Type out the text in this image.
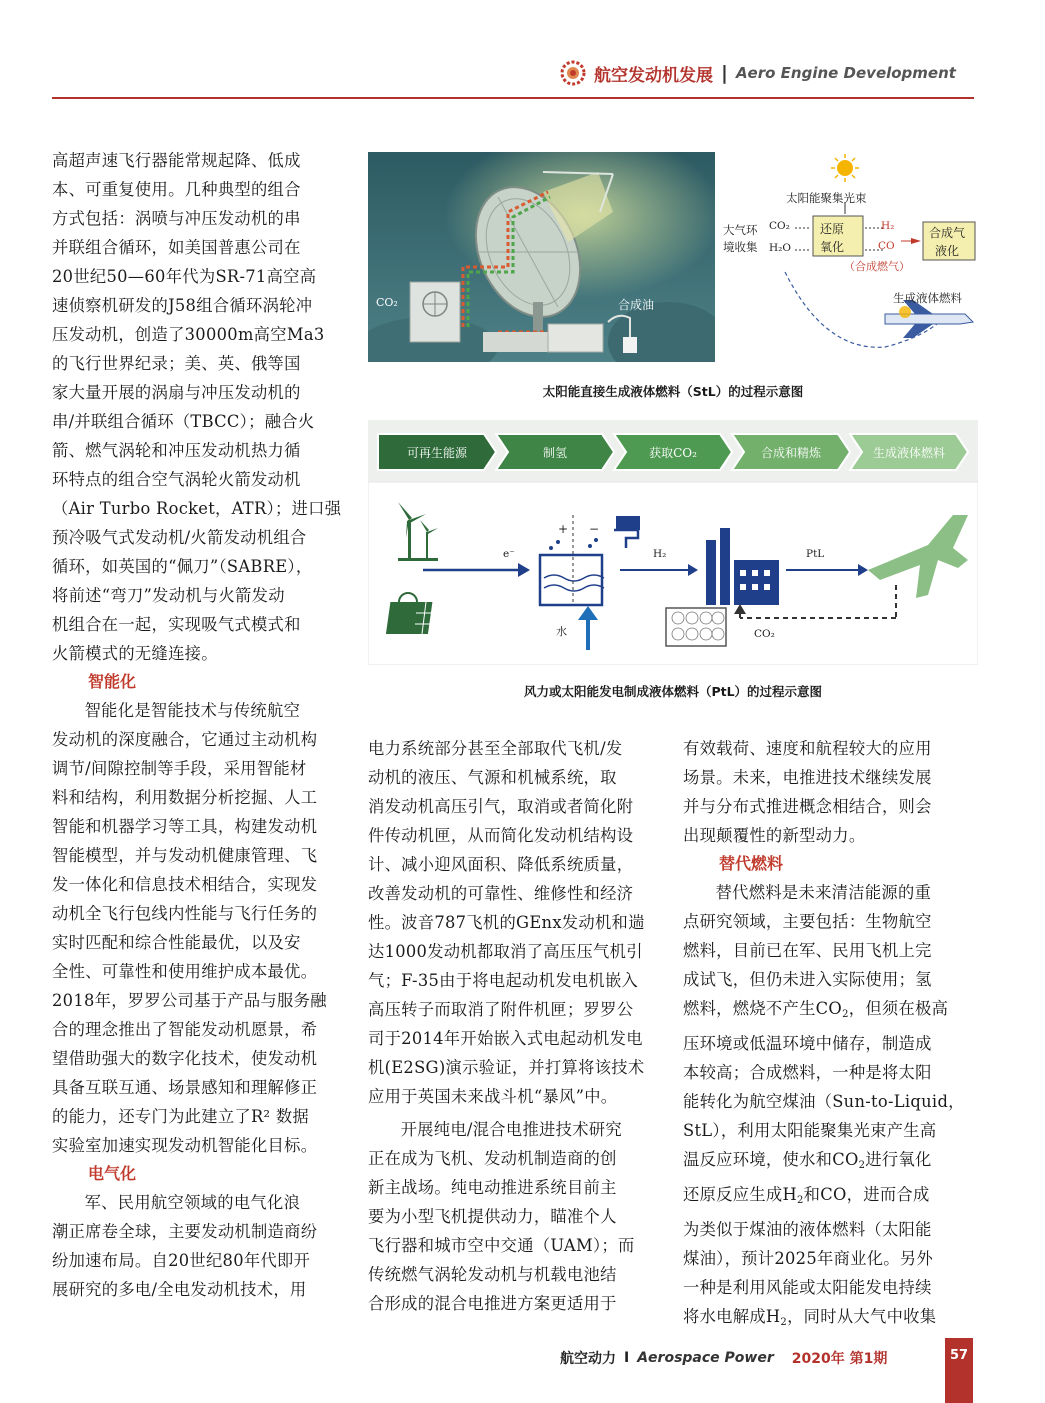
航空发动机发展 | Aero Engine Development

高超声速飞行器能常规起降、低成

本、可重复使用。几种典型的组合

方式包括：涡喷与冲压发动机的串

并联组合循环，如美国普惠公司在

20世纪50—60年代为SR-71高空高

速侦察机研发的J58组合循环涡轮冲

压发动机，创造了30000m高空Ma3

的飞行世界纪录；美、英、俄等国

家大量开展的涡扇与冲压发动机的

串/并联组合循环（TBCC）；融合火

箭、燃气涡轮和冲压发动机热力循

环特点的组合空气涡轮火箭发动机

（Air Turbo Rocket，ATR）；进口强

预冷吸气式发动机/火箭发动机组合

循环，如英国的“佩刀”（SABRE），

将前述“弯刀”发动机与火箭发动

机组合在一起，实现吸气式模式和

火箭模式的无缝连接。

智能化

智能化是智能技术与传统航空

发动机的深度融合，它通过主动机构

调节/间隙控制等手段，采用智能材

料和结构，利用数据分析挖掘、人工

智能和机器学习等工具，构建发动机

智能模型，并与发动机健康管理、飞

发一体化和信息技术相结合，实现发

动机全飞行包线内性能与飞行任务的

实时匹配和综合性能最优，以及安

全性、可靠性和使用维护成本最优。

2018年，罗罗公司基于产品与服务融

合的理念推出了智能发动机愿景，希

望借助强大的数字化技术，使发动机

具备互联互通、场景感知和理解修正

的能力，还专门为此建立了R² 数据

实验室加速实现发动机智能化目标。

电气化

军、民用航空领域的电气化浪

潮正席卷全球，主要发动机制造商纷

纷加速布局。自20世纪80年代即开

展研究的多电/全电发动机技术，用

CO₂	合成油
太阳能聚集光束
大气环
境收集
CO₂
H₂O
还原
氧化
H₂
CO
（合成燃气）
合成气
液化
生成液体燃料
太阳能直接生成液体燃料（StL）的过程示意图
+ −
e⁻	H₂	PtL
水	CO₂
可再生能源	制氢	获取CO₂	合成和精炼	生成液体燃料
风力或太阳能发电制成液体燃料（PtL）的过程示意图

电力系统部分甚至全部取代飞机/发

动机的液压、气源和机械系统，取

消发动机高压引气，取消或者简化附

件传动机匣，从而简化发动机结构设

计、减小迎风面积、降低系统质量，

改善发动机的可靠性、维修性和经济

性。波音787飞机的GEnx发动机和遄

达1000发动机都取消了高压压气机引

气；F-35由于将电起动机发电机嵌入

高压转子而取消了附件机匣；罗罗公

司于2014年开始嵌入式电起动机发电

机(E2SG)演示验证，并打算将该技术

应用于英国未来战斗机“暴风”中。

开展纯电/混合电推进技术研究

正在成为飞机、发动机制造商的创

新主战场。纯电动推进系统目前主

要为小型飞机提供动力，瞄准个人

飞行器和城市空中交通（UAM）；而

传统燃气涡轮发动机与机载电池结

合形成的混合电推进方案更适用于

有效载荷、速度和航程较大的应用

场景。未来，电推进技术继续发展

并与分布式推进概念相结合，则会

出现颠覆性的新型动力。

替代燃料

替代燃料是未来清洁能源的重

点研究领域，主要包括：生物航空

燃料，目前已在军、民用飞机上完

成试飞，但仍未进入实际使用；氢

燃料，燃烧不产生$CO_2$，但须在极高

压环境或低温环境中储存，制造成

本较高；合成燃料，一种是将太阳

能转化为航空煤油（Sun-to-Liquid，

StL），利用太阳能聚集光束产生高

温反应环境，使水和$CO_2$进行氧化

还原反应生成$H_2$和CO，进而合成

为类似于煤油的液体燃料（太阳能

煤油），预计2025年商业化。另外

一种是利用风能或太阳能发电持续

将水电解成$H_2$，同时从大气中收集

航空动力 I Aerospace Power 2020年 第1期	57
